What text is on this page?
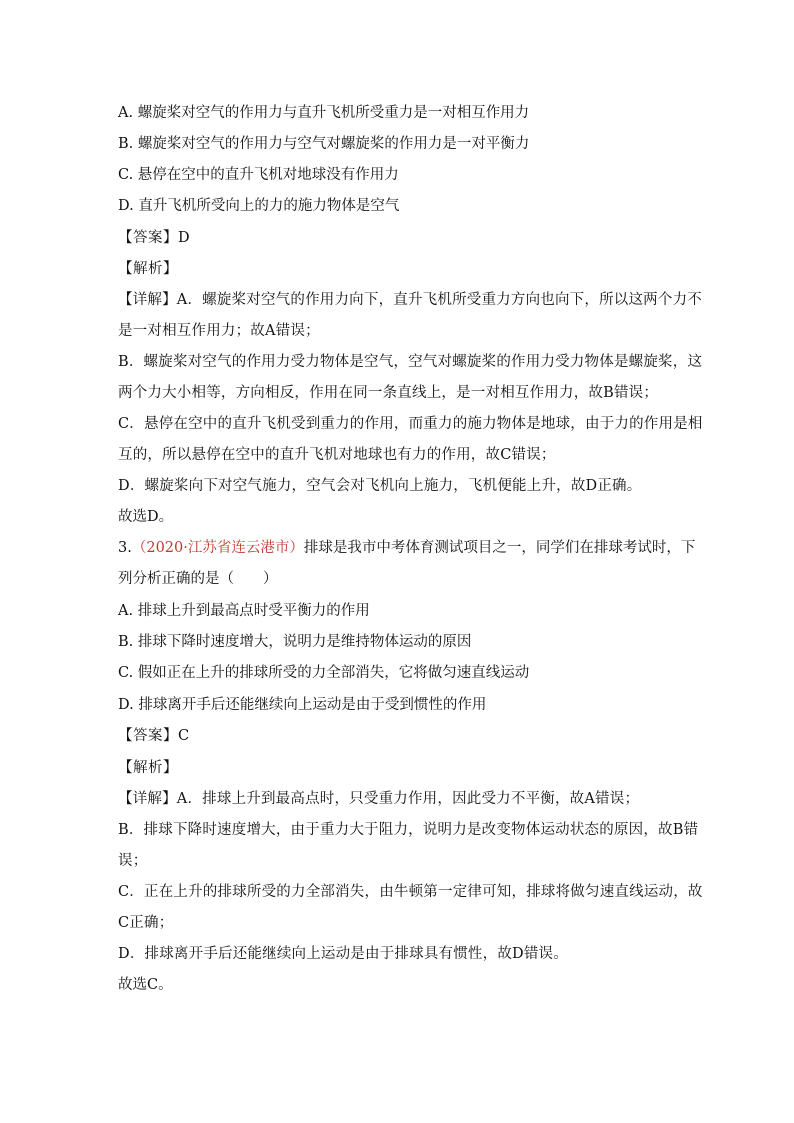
A. 螺旋桨对空气的作用力与直升飞机所受重力是一对相互作用力
B. 螺旋桨对空气的作用力与空气对螺旋桨的作用力是一对平衡力
C. 悬停在空中的直升飞机对地球没有作用力
D. 直升飞机所受向上的力的施力物体是空气
【答案】D
【解析】
【详解】A．螺旋桨对空气的作用力向下，直升飞机所受重力方向也向下，所以这两个力不
是一对相互作用力；故A错误；
B．螺旋桨对空气的作用力受力物体是空气，空气对螺旋桨的作用力受力物体是螺旋桨，这
两个力大小相等，方向相反，作用在同一条直线上，是一对相互作用力，故B错误；
C．悬停在空中的直升飞机受到重力的作用，而重力的施力物体是地球，由于力的作用是相
互的，所以悬停在空中的直升飞机对地球也有力的作用，故C错误；
D．螺旋桨向下对空气施力，空气会对飞机向上施力，飞机便能上升，故D正确。
故选D。
3.（2020·江苏省连云港市）排球是我市中考体育测试项目之一，同学们在排球考试时，下
列分析正确的是（　　）
A. 排球上升到最高点时受平衡力的作用
B. 排球下降时速度增大，说明力是维持物体运动的原因
C. 假如正在上升的排球所受的力全部消失，它将做匀速直线运动
D. 排球离开手后还能继续向上运动是由于受到惯性的作用
【答案】C
【解析】
【详解】A．排球上升到最高点时，只受重力作用，因此受力不平衡，故A错误；
B．排球下降时速度增大，由于重力大于阻力，说明力是改变物体运动状态的原因，故B错
误；
C．正在上升的排球所受的力全部消失，由牛顿第一定律可知，排球将做匀速直线运动，故
C正确；
D．排球离开手后还能继续向上运动是由于排球具有惯性，故D错误。
故选C。
